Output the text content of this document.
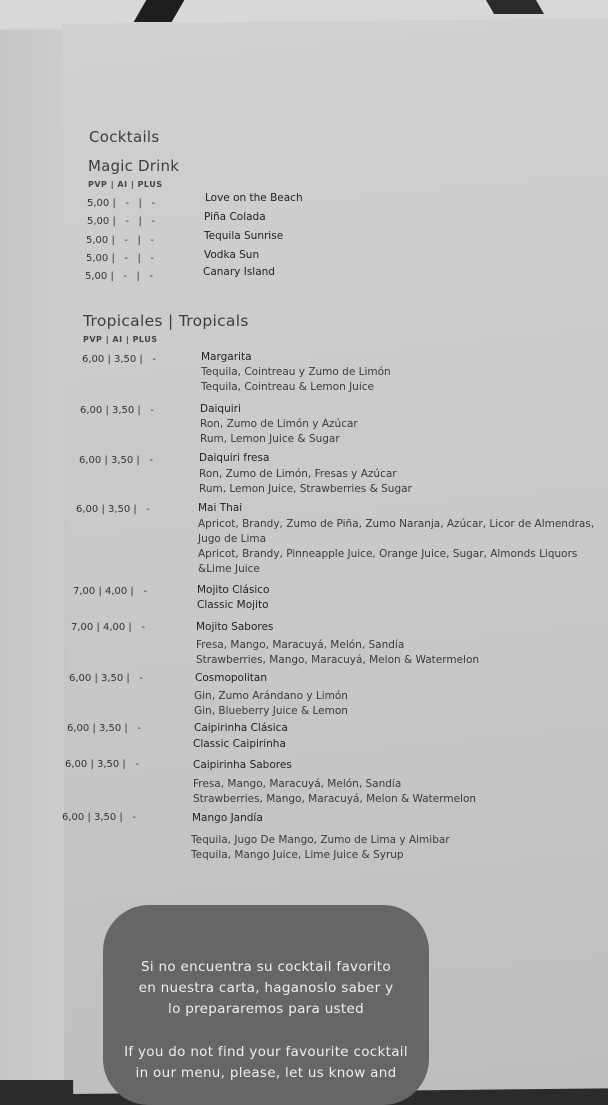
Cocktails
Magic Drink
PVP | AI | PLUS
5,00 |   -   |   -	Love on the Beach
5,00 |   -   |   -	Piña Colada
5,00 |   -   |   -	Tequila Sunrise
5,00 |   -   |   -	Vodka Sun
5,00 |   -   |   -	Canary Island
Tropicales | Tropicals
PVP | AI | PLUS
6,00 | 3,50 |   -	Margarita
Tequila, Cointreau y Zumo de Limón
Tequila, Cointreau & Lemon Juice
6,00 | 3,50 |   -	Daiquiri
Ron, Zumo de Limón y Azúcar
Rum, Lemon Juice & Sugar
6,00 | 3,50 |   -	Daiquiri fresa
Ron, Zumo de Limón, Fresas y Azúcar
Rum, Lemon Juice, Strawberries & Sugar
6,00 | 3,50 |   -	Mai Thai
Apricot, Brandy, Zumo de Piña, Zumo Naranja, Azúcar, Licor de Almendras,
Jugo de Lima
Apricot, Brandy, Pinneapple Juice, Orange Juice, Sugar, Almonds Liquors
&Lime Juice
7,00 | 4,00 |   -	Mojito Clásico
Classic Mojito
7,00 | 4,00 |   -	Mojito Sabores
Fresa, Mango, Maracuyá, Melón, Sandía
Strawberries, Mango, Maracuyá, Melon & Watermelon
6,00 | 3,50 |   -	Cosmopolitan
Gin, Zumo Arándano y Limón
Gin, Blueberry Juice & Lemon
6,00 | 3,50 |   -	Caipirinha Clásica
Classic Caipirinha
6,00 | 3,50 |   -	Caipirinha Sabores
Fresa, Mango, Maracuyá, Melón, Sandía
Strawberries, Mango, Maracuyá, Melon & Watermelon
6,00 | 3,50 |   -	Mango Jandía
Tequila, Jugo De Mango, Zumo de Lima y Almibar
Tequila, Mango Juice, Lime Juice & Syrup
Si no encuentra su cocktail favorito
en nuestra carta, haganoslo saber y
lo prepararemos para usted
If you do not find your favourite cocktail
in our menu, please, let us know and
